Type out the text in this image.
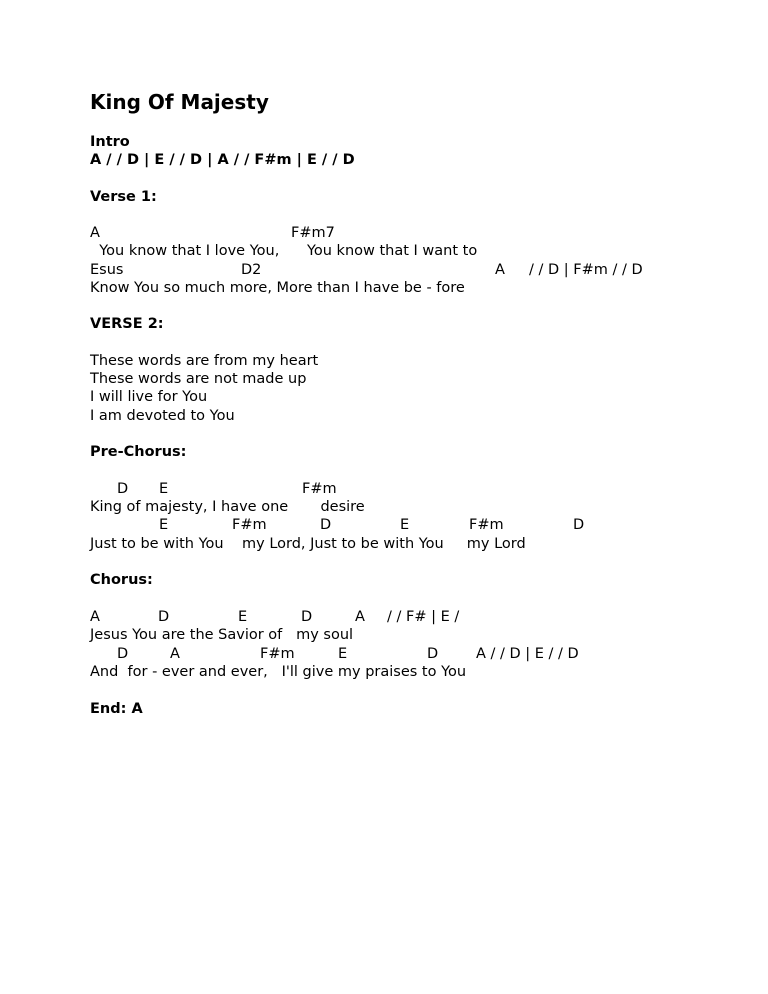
King Of Majesty
Intro
A / / D | E / / D | A / / F#m | E / / D
Verse 1:
A	F#m7
You know that I love You,      You know that I want to
Esus	D2	A / / D | F#m / / D
Know You so much more, More than I have be - fore
VERSE 2:
These words are from my heart
These words are not made up
I will live for You
I am devoted to You
Pre-Chorus:
D E	F#m
King of majesty, I have one       desire
E	F#m	D	E	F#m	D
Just to be with You    my Lord, Just to be with You     my Lord
Chorus:
A	D	E	D	A / / F# | E /
Jesus You are the Savior of   my soul
D	A	F#m	E	D	A / / D | E / / D
And  for - ever and ever,   I'll give my praises to You
End: A
